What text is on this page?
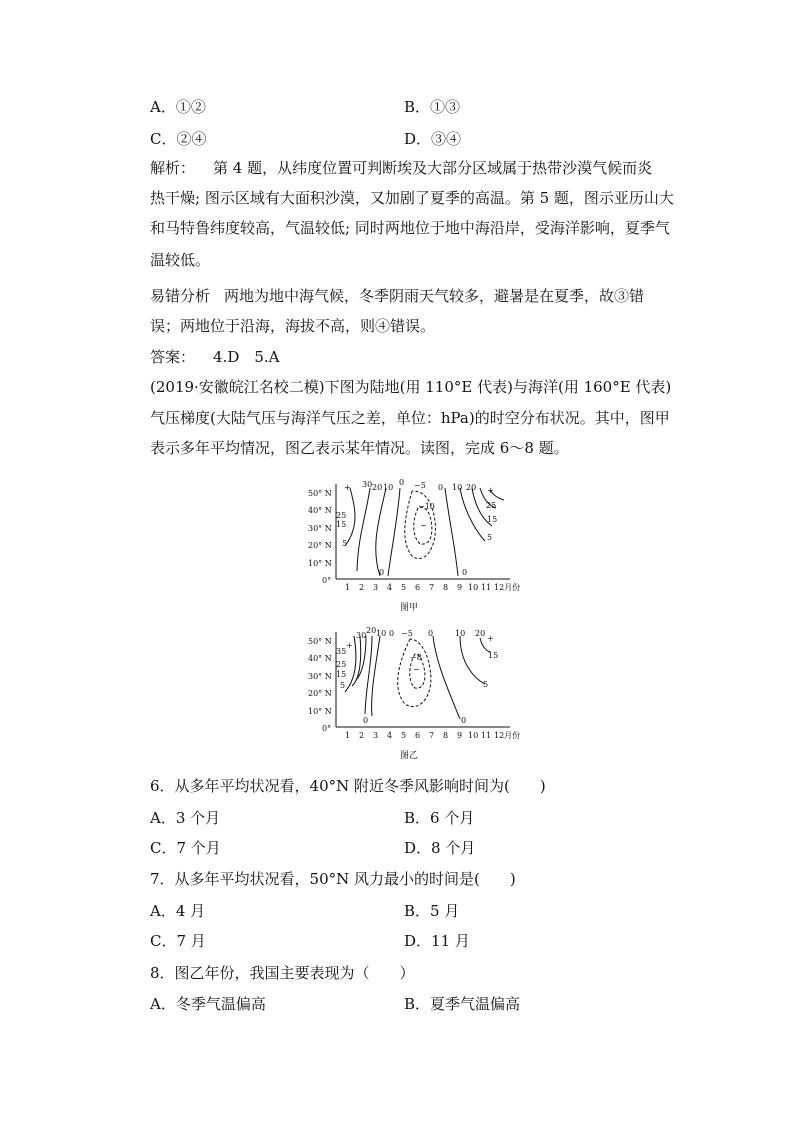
A．①②	B．①③
C．②④	D．③④
解析： 第 4 题，从纬度位置可判断埃及大部分区域属于热带沙漠气候而炎
热干燥; 图示区域有大面积沙漠，又加剧了夏季的高温。第 5 题，图示亚历山大
和马特鲁纬度较高，气温较低; 同时两地位于地中海沿岸，受海洋影响，夏季气
温较低。
易错分析 两地为地中海气候，冬季阴雨天气较多，避暑是在夏季，故③错
误；两地位于沿海，海拔不高，则④错误。
答案： 4.D　5.A
(2019·安徽皖江名校二模)下图为陆地(用 110°E 代表)与海洋(用 160°E 代表)
气压梯度(大陆气压与海洋气压之差，单位：hPa)的时空分布状况。其中，图甲
表示多年平均情况，图乙表示某年情况。读图，完成 6～8 题。
50° N
40° N
30° N
20° N
10° N
0°
+ 30 20 10
0 −5 0 10 20 +
25
25
15
15
5
−10
−
5
0	0
1 2 3 4 5 6 7 8 9 10 11 12月份
图甲
50° N
40° N
30° N
20° N
10° N
0°
20
30 10 0 −5 0	10 20
+
+
35
25
15
5
−8
−
15
5
0	0
1 2 3 4 5 6 7 8 9 10 11 12月份
图乙
6．从多年平均状况看，40°N 附近冬季风影响时间为(　　)
A．3 个月	B．6 个月
C．7 个月	D．8 个月
7．从多年平均状况看，50°N 风力最小的时间是(　　)
A．4 月	B．5 月
C．7 月	D．11 月
8．图乙年份，我国主要表现为（　　）
A．冬季气温偏高	B．夏季气温偏高
